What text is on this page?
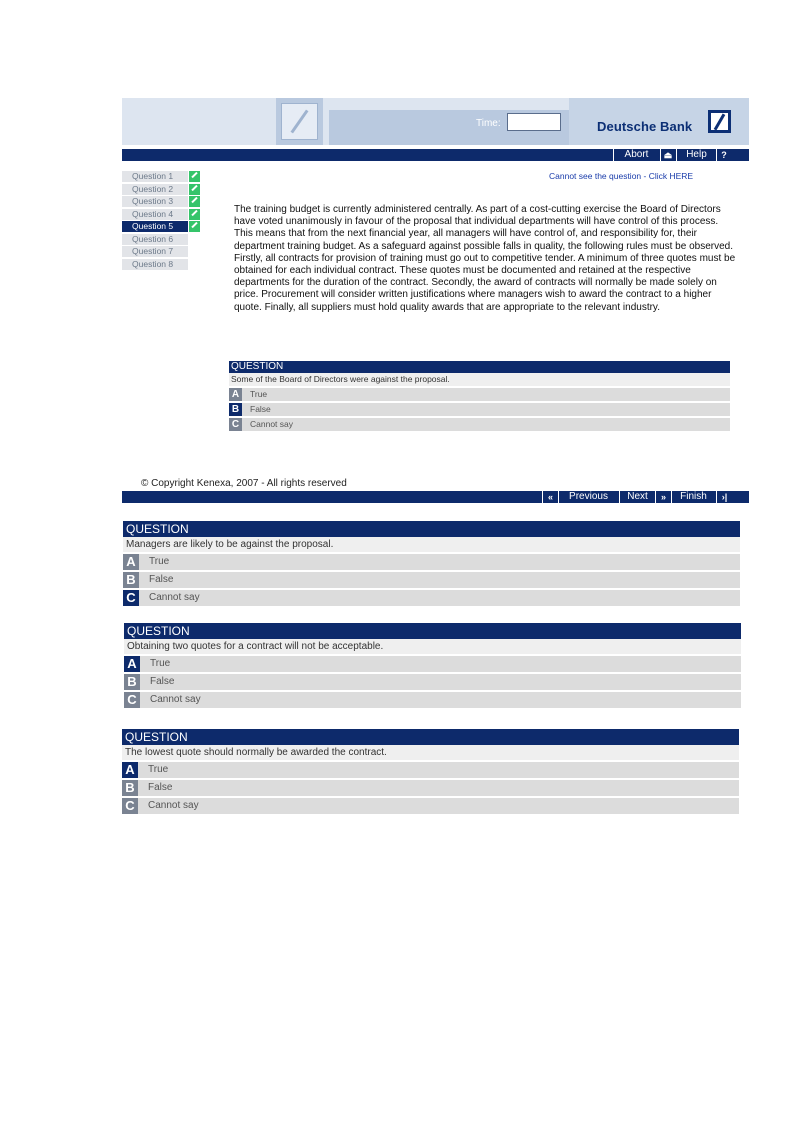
Time:	Deutsche Bank
Abort	⏏	Help	?
Question 1
Question 2
Question 3
Question 4
Question 5
Question 6
Question 7
Question 8
Cannot see the question - Click HERE

The training budget is currently administered centrally. As part of a cost-cutting exercise the Board of Directors have voted unanimously in favour of the proposal that individual departments will have control of this process. This means that from the next financial year, all managers will have control of, and responsibility for, their department training budget. As a safeguard against possible falls in quality, the following rules must be observed. Firstly, all contracts for provision of training must go out to competitive tender. A minimum of three quotes must be obtained for each individual contract. These quotes must be documented and retained at the respective departments for the duration of the contract. Secondly, the award of contracts will normally be made solely on price. Procurement will consider written justifications where managers wish to award the contract to a higher quote. Finally, all suppliers must hold quality awards that are appropriate to the relevant industry.

QUESTION
Some of the Board of Directors were against the proposal.
A	True
B	False
C	Cannot say
© Copyright Kenexa, 2007 - All rights reserved
«	Previous	Next	»	Finish	›|
QUESTION
Managers are likely to be against the proposal.
A	True
B	False
C	Cannot say
QUESTION
Obtaining two quotes for a contract will not be acceptable.
A	True
B	False
C	Cannot say
QUESTION
The lowest quote should normally be awarded the contract.
A	True
B	False
C	Cannot say
